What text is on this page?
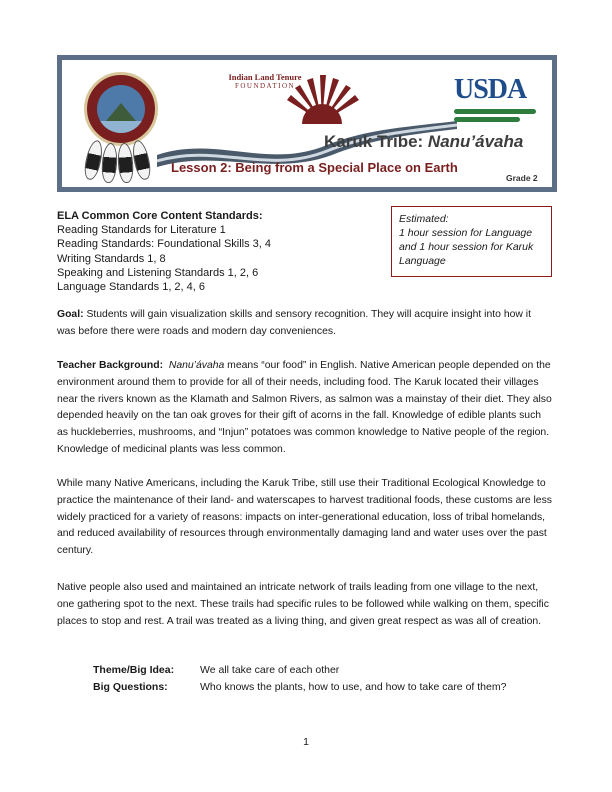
Indian Land Tenure
FOUNDATION	USDA
Karuk Tribe: Nanu’ávaha
Lesson 2: Being from a Special Place on Earth
Grade 2
ELA Common Core Content Standards:
Reading Standards for Literature 1
Reading Standards: Foundational Skills 3, 4
Writing Standards 1, 8
Speaking and Listening Standards 1, 2, 6
Language Standards 1, 2, 4, 6
Estimated:
1 hour session for Language and 1 hour session for Karuk Language

Goal: Students will gain visualization skills and sensory recognition. They will acquire insight into how it was before there were roads and modern day conveniences.

Teacher Background: Nanu’ávaha means “our food” in English. Native American people depended on the environment around them to provide for all of their needs, including food. The Karuk located their villages near the rivers known as the Klamath and Salmon Rivers, as salmon was a mainstay of their diet. They also depended heavily on the tan oak groves for their gift of acorns in the fall. Knowledge of edible plants such as huckleberries, mushrooms, and “Injun” potatoes was common knowledge to Native people of the region. Knowledge of medicinal plants was less common.

While many Native Americans, including the Karuk Tribe, still use their Traditional Ecological Knowledge to practice the maintenance of their land- and waterscapes to harvest traditional foods, these customs are less widely practiced for a variety of reasons: impacts on inter-generational education, loss of tribal homelands, and reduced availability of resources through environmentally damaging land and water uses over the past century.

Native people also used and maintained an intricate network of trails leading from one village to the next, one gathering spot to the next. These trails had specific rules to be followed while walking on them, specific places to stop and rest. A trail was treated as a living thing, and given great respect as was all of creation.

Theme/Big Idea:	We all take care of each other
Big Questions:	Who knows the plants, how to use, and how to take care of them?
1
